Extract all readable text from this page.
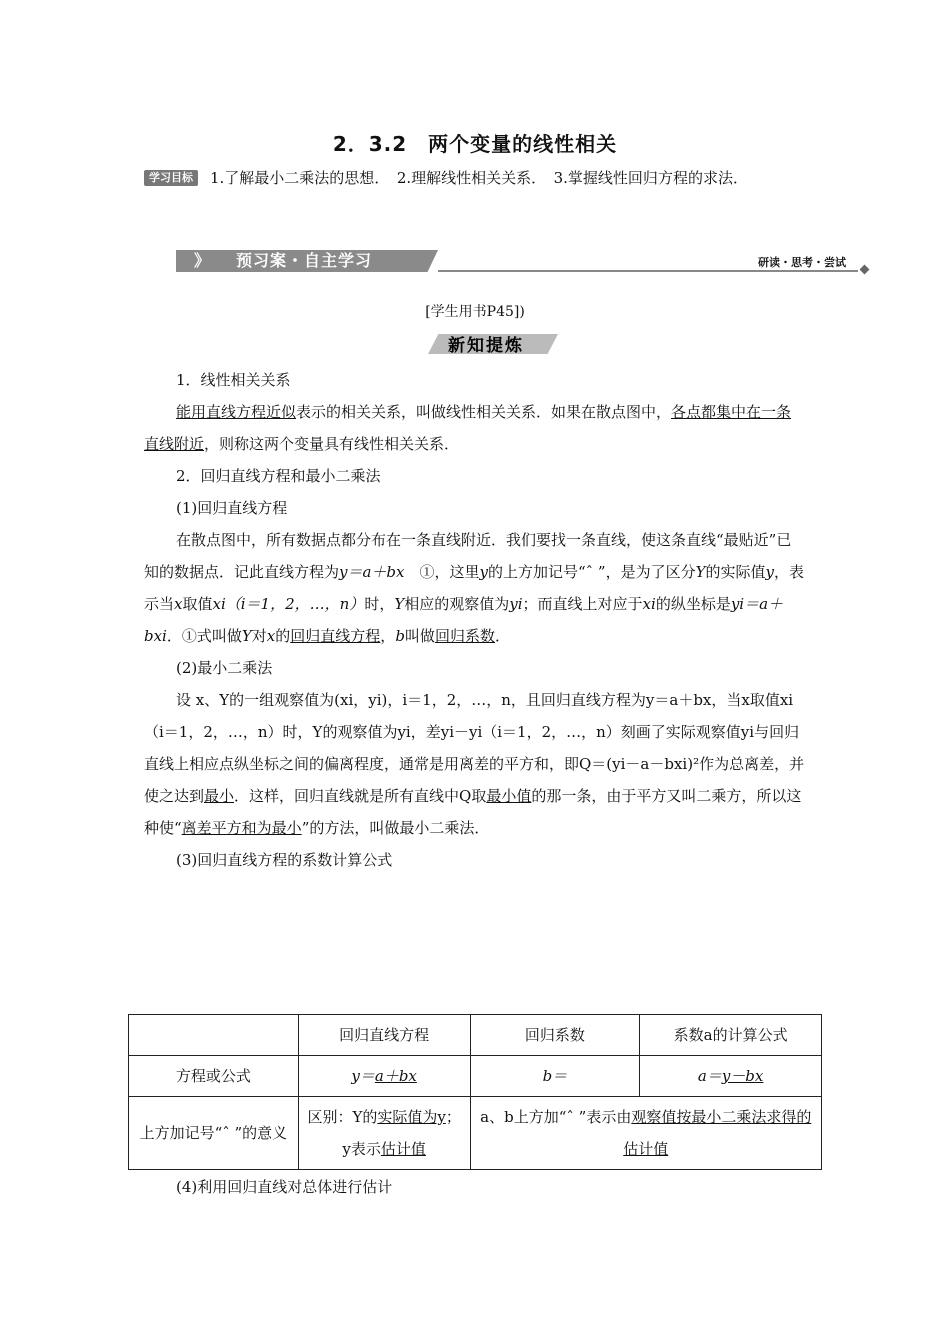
2．3.2　两个变量的线性相关
学习目标 1.了解最小二乘法的思想．　2.理解线性相关关系．　3.掌握线性回归方程的求法．
》 预习案・自主学习	研读・思考・尝试
[学生用书P45])
新知提炼

1．线性相关关系

能用直线方程近似表示的相关关系，叫做线性相关关系．如果在散点图中，各点都集中在一条直线附近，则称这两个变量具有线性相关关系．

2．回归直线方程和最小二乘法

(1)回归直线方程

在散点图中，所有数据点都分布在一条直线附近．我们要找一条直线，使这条直线“最贴近”已知的数据点．记此直线方程为y＝a＋bx　①，这里y的上方加记号“ˆ ”，是为了区分Y的实际值y，表示当x取值xi（i＝1，2，…，n）时，Y相应的观察值为yi；而直线上对应于xi的纵坐标是yi＝a＋bxi．①式叫做Y对x的回归直线方程，b叫做回归系数．

(2)最小二乘法

设 x、Y的一组观察值为(xi，yi)，i＝1，2，…，n，且回归直线方程为y＝a＋bx，当x取值xi（i＝1，2，…，n）时，Y的观察值为yi，差yi－yi（i＝1，2，…，n）刻画了实际观察值yi与回归直线上相应点纵坐标之间的偏离程度，通常是用离差的平方和，即Q＝(yi－a－bxi)²作为总离差，并使之达到最小．这样，回归直线就是所有直线中Q取最小值的那一条，由于平方又叫二乘方，所以这种使“离差平方和为最小”的方法，叫做最小二乘法．

(3)回归直线方程的系数计算公式

	回归直线方程	回归系数	系数a的计算公式
方程或公式	y＝a＋bx	b＝	a＝y－bx
上方加记号“ˆ ”的意义	区别：Y的实际值为y；y表示估计值	a、b上方加“ˆ ”表示由观察值按最小二乘法求得的估计值	
(4)利用回归直线对总体进行估计
